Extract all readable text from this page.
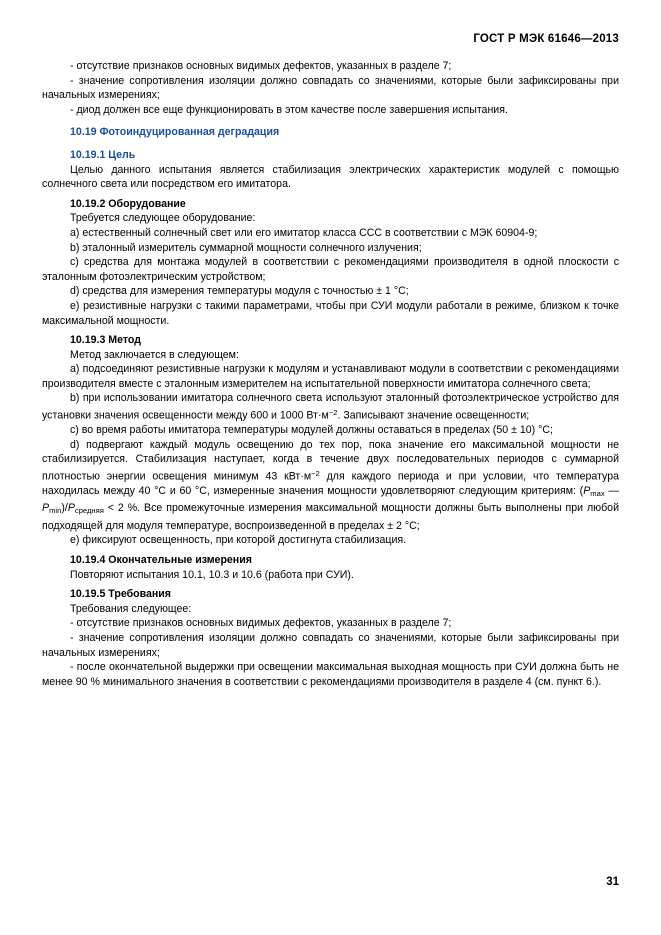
ГОСТ Р МЭК 61646—2013

- отсутствие признаков основных видимых дефектов, указанных в разделе 7;

- значение сопротивления изоляции должно совпадать со значениями, которые были зафиксированы при начальных измерениях;

- диод должен все еще функционировать в этом качестве после завершения испытания.

10.19 Фотоиндуцированная деградация

10.19.1 Цель

Целью данного испытания является стабилизация электрических характеристик модулей с помощью солнечного света или посредством его имитатора.

10.19.2 Оборудование

Требуется следующее оборудование:

a) естественный солнечный свет или его имитатор класса ССС в соответствии с МЭК 60904-9;

b) эталонный измеритель суммарной мощности солнечного излучения;

c) средства для монтажа модулей в соответствии с рекомендациями производителя в одной плоскости с эталонным фотоэлектрическим устройством;

d) средства для измерения температуры модуля с точностью ± 1 °С;

e) резистивные нагрузки с такими параметрами, чтобы при СУИ модули работали в режиме, близком к точке максимальной мощности.

10.19.3 Метод

Метод заключается в следующем:

a) подсоединяют резистивные нагрузки к модулям и устанавливают модули в соответствии с рекомендациями производителя вместе с эталонным измерителем на испытательной поверхности имитатора солнечного света;

b) при использовании имитатора солнечного света используют эталонный фотоэлектрическое устройство для установки значения освещенности между 600 и 1000 $Вт\cdot м^{-2}$. Записывают значение освещенности;

c) во время работы имитатора температуры модулей должны оставаться в пределах (50 ± 10) °С;

d) подвергают каждый модуль освещению до тех пор, пока значение его максимальной мощности не стабилизируется. Стабилизация наступает, когда в течение двух последовательных периодов с суммарной плотностью энергии освещения минимум 43 $кВт\cdot м^{-2}$ для каждого периода и при условии, что температура находилась между 40 °С и 60 °С, измеренные значения мощности удовлетворяют следующим критериям: ($P_{max}$ — $P_{min})/P_{средняя} < 2$ %. Все промежуточные измерения максимальной мощности должны быть выполнены при любой подходящей для модуля температуре, воспроизведенной в пределах ± 2 °С;

e) фиксируют освещенность, при которой достигнута стабилизация.

10.19.4 Окончательные измерения

Повторяют испытания 10.1, 10.3 и 10.6 (работа при СУИ).

10.19.5 Требования

Требования следующее:

- отсутствие признаков основных видимых дефектов, указанных в разделе 7;

- значение сопротивления изоляции должно совпадать со значениями, которые были зафиксированы при начальных измерениях;

- после окончательной выдержки при освещении максимальная выходная мощность при СУИ должна быть не менее 90 % минимального значения в соответствии с рекомендациями производителя в разделе 4 (см. пункт 6.).

31
